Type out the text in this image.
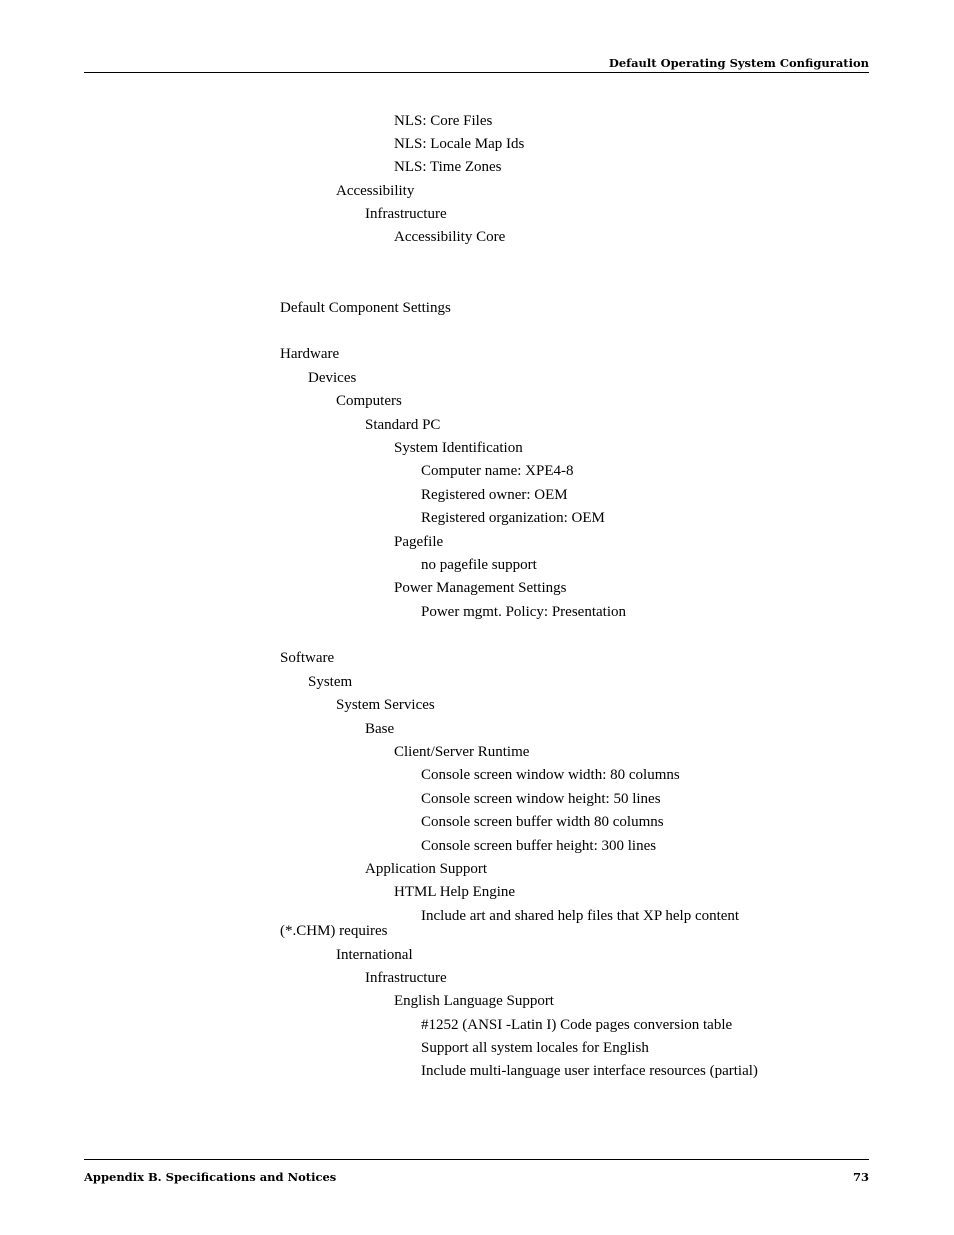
Default Operating System Configuration
NLS: Core Files
NLS: Locale Map Ids
NLS: Time Zones
Accessibility
Infrastructure
Accessibility Core
Default Component Settings
Hardware
Devices
Computers
Standard PC
System Identification
Computer name: XPE4-8
Registered owner: OEM
Registered organization: OEM
Pagefile
no pagefile support
Power Management Settings
Power mgmt. Policy: Presentation
Software
System
System Services
Base
Client/Server Runtime
Console screen window width: 80 columns
Console screen window height: 50 lines
Console screen buffer width 80 columns
Console screen buffer height: 300 lines
Application Support
HTML Help Engine
Include art and shared help files that XP help content
(*.CHM) requires
International
Infrastructure
English Language Support
#1252 (ANSI -Latin I) Code pages conversion table
Support all system locales for English
Include multi-language user interface resources (partial)
Appendix B. Specifications and Notices	73
